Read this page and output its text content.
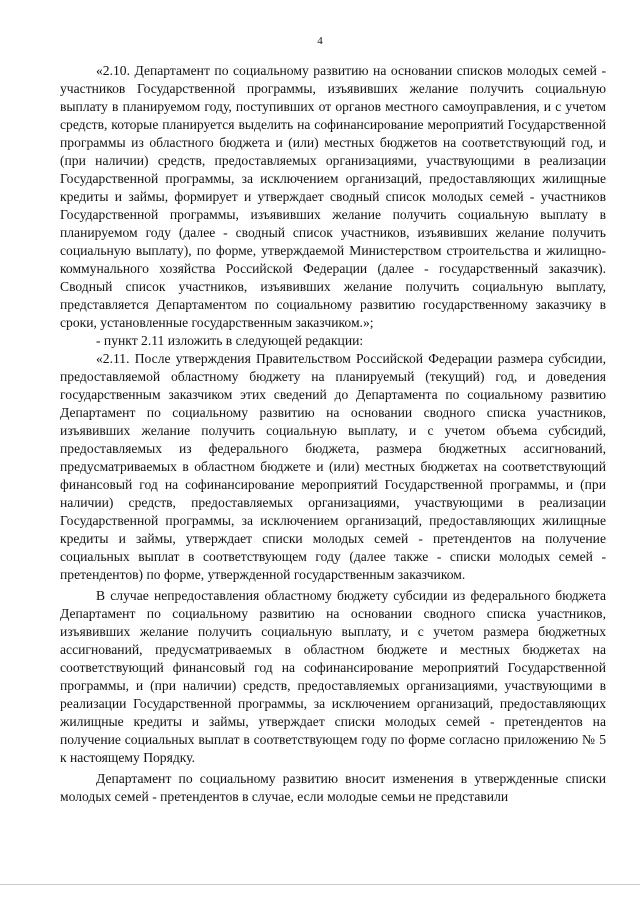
4

«2.10. Департамент по социальному развитию на основании списков молодых семей - участников Государственной программы, изъявивших желание получить социальную выплату в планируемом году, поступивших от органов местного самоуправления, и с учетом средств, которые планируется выделить на софинансирование мероприятий Государственной программы из областного бюджета и (или) местных бюджетов на соответствующий год, и (при наличии) средств, предоставляемых организациями, участвующими в реализации Государственной программы, за исключением организаций, предоставляющих жилищные кредиты и займы, формирует и утверждает сводный список молодых семей - участников Государственной программы, изъявивших желание получить социальную выплату в планируемом году (далее - сводный список участников, изъявивших желание получить социальную выплату), по форме, утверждаемой Министерством строительства и жилищно-коммунального хозяйства Российской Федерации (далее - государственный заказчик). Сводный список участников, изъявивших желание получить социальную выплату, представляется Департаментом по социальному развитию государственному заказчику в сроки, установленные государственным заказчиком.»;

- пункт 2.11 изложить в следующей редакции:

«2.11. После утверждения Правительством Российской Федерации размера субсидии, предоставляемой областному бюджету на планируемый (текущий) год, и доведения государственным заказчиком этих сведений до Департамента по социальному развитию Департамент по социальному развитию на основании сводного списка участников, изъявивших желание получить социальную выплату, и с учетом объема субсидий, предоставляемых из федерального бюджета, размера бюджетных ассигнований, предусматриваемых в областном бюджете и (или) местных бюджетах на соответствующий финансовый год на софинансирование мероприятий Государственной программы, и (при наличии) средств, предоставляемых организациями, участвующими в реализации Государственной программы, за исключением организаций, предоставляющих жилищные кредиты и займы, утверждает списки молодых семей - претендентов на получение социальных выплат в соответствующем году (далее также - списки молодых семей - претендентов) по форме, утвержденной государственным заказчиком.

В случае непредоставления областному бюджету субсидии из федерального бюджета Департамент по социальному развитию на основании сводного списка участников, изъявивших желание получить социальную выплату, и с учетом размера бюджетных ассигнований, предусматриваемых в областном бюджете и местных бюджетах на соответствующий финансовый год на софинансирование мероприятий Государственной программы, и (при наличии) средств, предоставляемых организациями, участвующими в реализации Государственной программы, за исключением организаций, предоставляющих жилищные кредиты и займы, утверждает списки молодых семей - претендентов на получение социальных выплат в соответствующем году по форме согласно приложению № 5 к настоящему Порядку.

Департамент по социальному развитию вносит изменения в утвержденные списки молодых семей - претендентов в случае, если молодые семьи не представили
